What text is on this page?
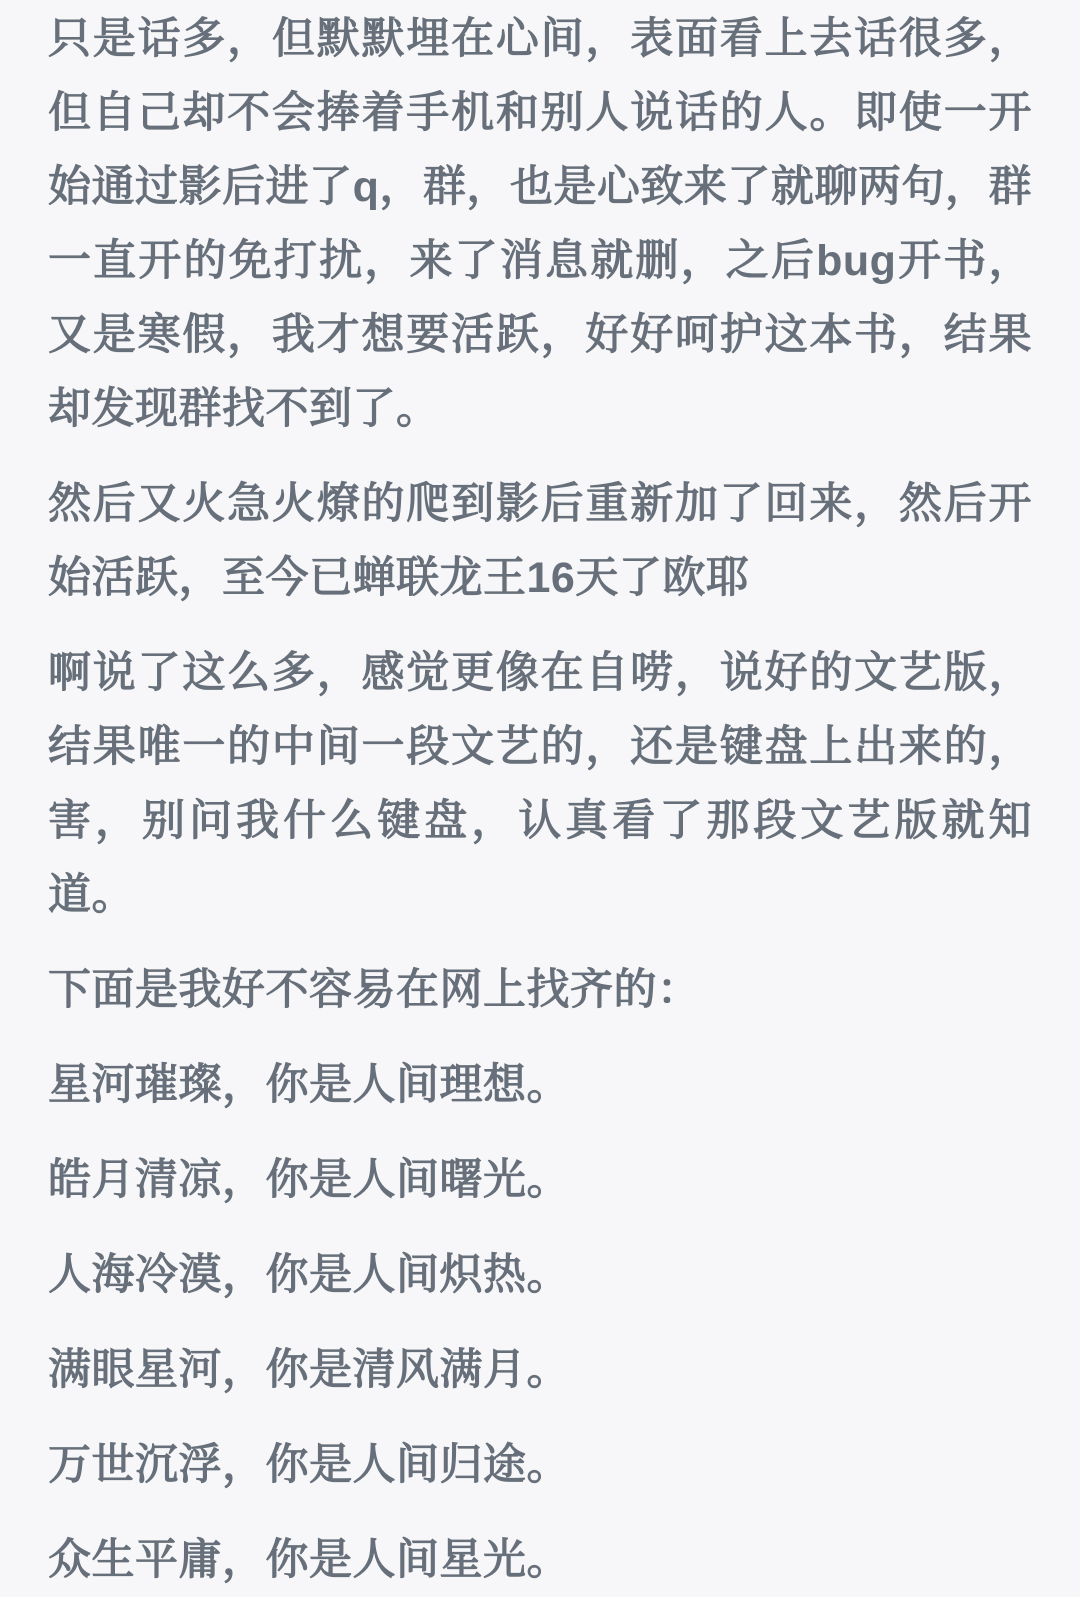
只是话多，但默默埋在心间，表面看上去话很多，但自己却不会捧着手机和别人说话的人。即使一开始通过影后进了q，群，也是心致来了就聊两句，群一直开的免打扰，来了消息就删，之后bug开书，又是寒假，我才想要活跃，好好呵护这本书，结果却发现群找不到了。

然后又火急火燎的爬到影后重新加了回来，然后开始活跃，至今已蝉联龙王16天了欧耶

啊说了这么多，感觉更像在自唠，说好的文艺版，结果唯一的中间一段文艺的，还是键盘上出来的，害，别问我什么键盘，认真看了那段文艺版就知道。

下面是我好不容易在网上找齐的：

星河璀璨，你是人间理想。

皓月清凉，你是人间曙光。

人海冷漠，你是人间炽热。

满眼星河，你是清风满月。

万世沉浮，你是人间归途。

众生平庸，你是人间星光。
